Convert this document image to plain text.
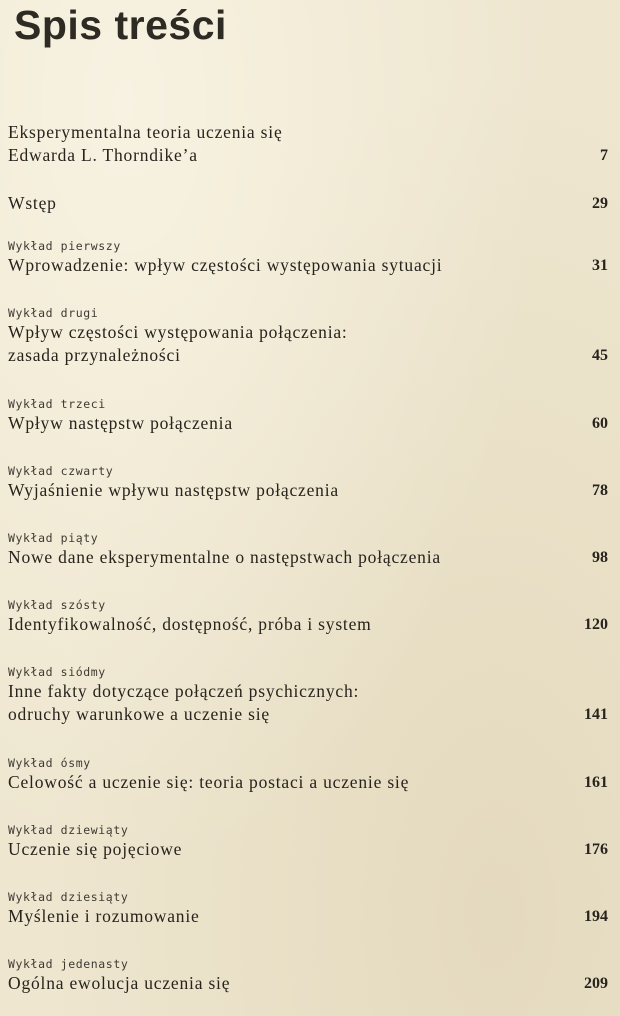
Spis treści
Eksperymentalna teoria uczenia się
Edwarda L. Thorndike’a	7
Wstęp	29
Wykład pierwszy
Wprowadzenie: wpływ częstości występowania sytuacji	31
Wykład drugi
Wpływ częstości występowania połączenia:
zasada przynależności	45
Wykład trzeci
Wpływ następstw połączenia	60
Wykład czwarty
Wyjaśnienie wpływu następstw połączenia	78
Wykład piąty
Nowe dane eksperymentalne o następstwach połączenia	98
Wykład szósty
Identyfikowalność, dostępność, próba i system	120
Wykład siódmy
Inne fakty dotyczące połączeń psychicznych:
odruchy warunkowe a uczenie się	141
Wykład ósmy
Celowość a uczenie się: teoria postaci a uczenie się	161
Wykład dziewiąty
Uczenie się pojęciowe	176
Wykład dziesiąty
Myślenie i rozumowanie	194
Wykład jedenasty
Ogólna ewolucja uczenia się	209
